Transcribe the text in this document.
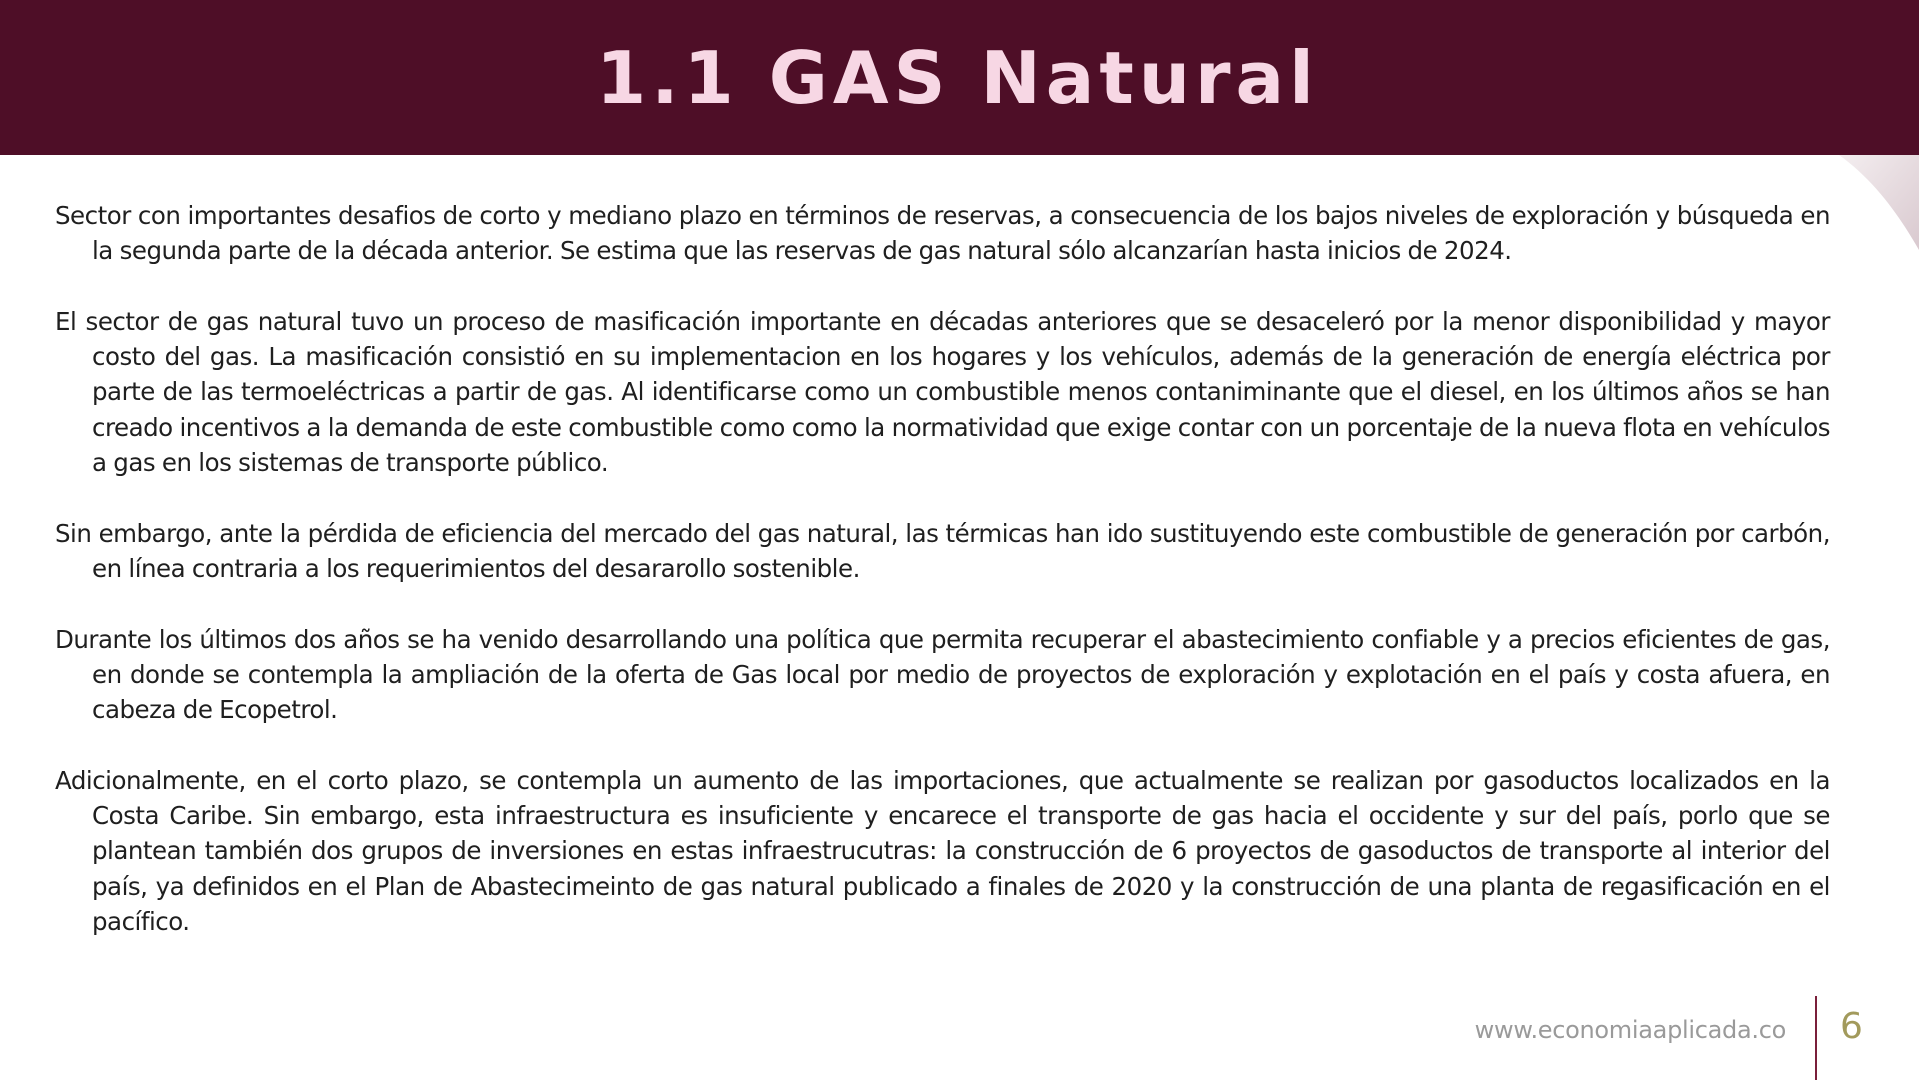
1.1 GAS Natural

Sector con importantes desafios de corto y mediano plazo en términos de reservas, a consecuencia de los bajos niveles de exploración y búsqueda en la segunda parte de la década anterior. Se estima que las reservas de gas natural sólo alcanzarían hasta inicios de 2024.

El sector de gas natural tuvo un proceso de masificación importante en décadas anteriores que se desaceleró por la menor disponibilidad y mayor costo del gas. La masificación consistió en su implementacion en los hogares y los vehículos, además de la generación de energía eléctrica por parte de las termoeléctricas a partir de gas. Al identificarse como un combustible menos contaniminante que el diesel, en los últimos años se han creado incentivos a la demanda de este combustible como como la normatividad que exige contar con un porcentaje de la nueva flota en vehículos a gas en los sistemas de transporte público.

Sin embargo, ante la pérdida de eficiencia del mercado del gas natural, las térmicas han ido sustituyendo este combustible de generación por carbón, en línea contraria a los requerimientos del desararollo sostenible.

Durante los últimos dos años se ha venido desarrollando una política que permita recuperar el abastecimiento confiable y a precios eficientes de gas, en donde se contempla la ampliación de la oferta de Gas local por medio de proyectos de exploración y explotación en el país y costa afuera, en cabeza de Ecopetrol.

Adicionalmente, en el corto plazo, se contempla un aumento de las importaciones, que actualmente se realizan por gasoductos localizados en la Costa Caribe. Sin embargo, esta infraestructura es insuficiente y encarece el transporte de gas hacia el occidente y sur del país, porlo que se plantean también dos grupos de inversiones en estas infraestrucutras: la construcción de 6 proyectos de gasoductos de transporte al interior del país, ya definidos en el Plan de Abastecimeinto de gas natural publicado a finales de 2020 y la construcción de una planta de regasificación en el pacífico.

www.economiaaplicada.co 6
